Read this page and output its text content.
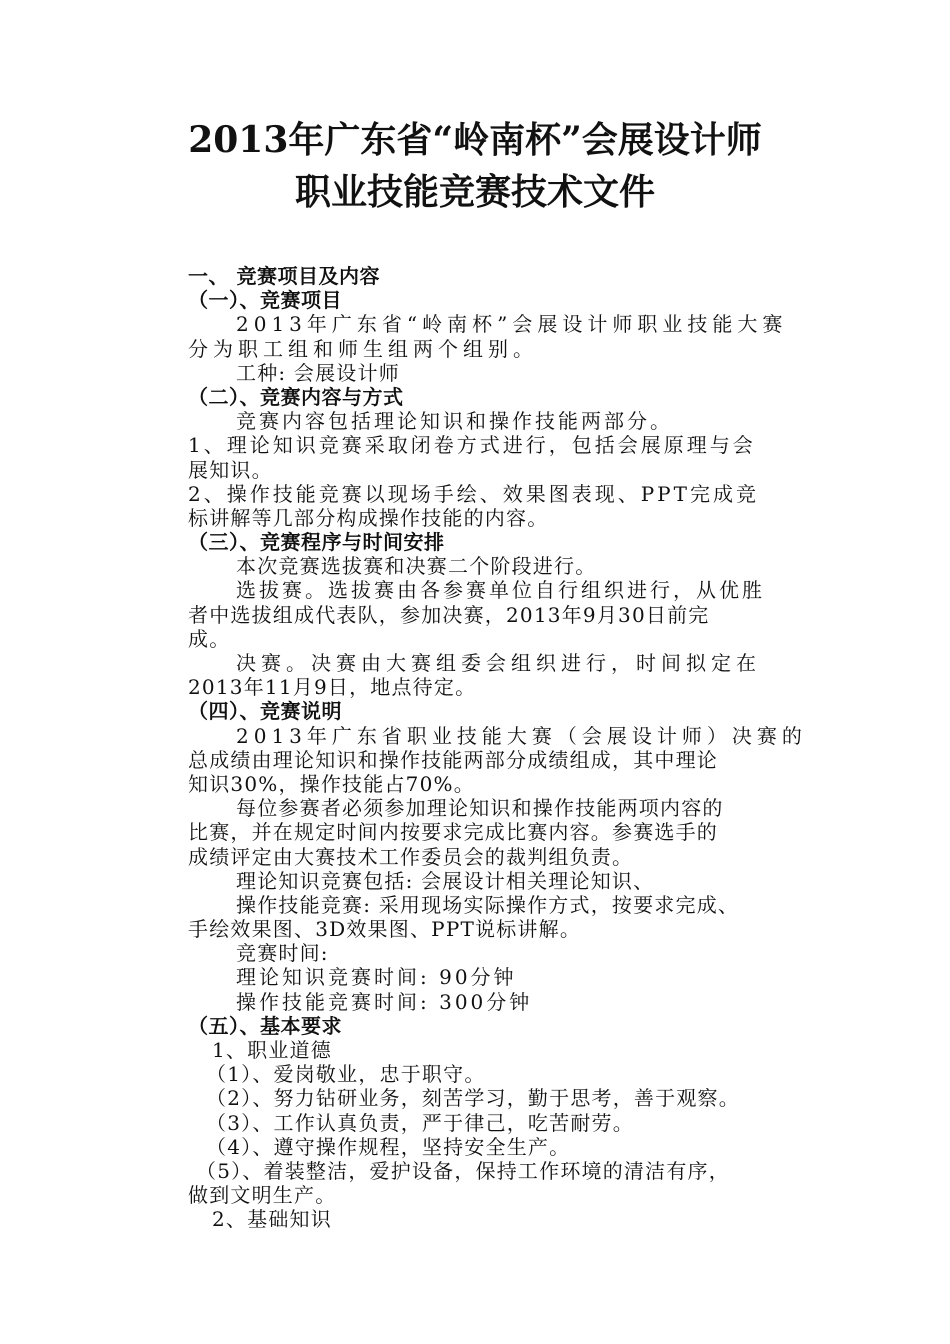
2013年广东省“岭南杯”会展设计师
职业技能竞赛技术文件
一、 竞赛项目及内容
（一）、竞赛项目
2013年广东省“岭南杯”会展设计师职业技能大赛
分为职工组和师生组两个组别。
工种: 会展设计师
（二）、竞赛内容与方式
竞赛内容包括理论知识和操作技能两部分。
1、理论知识竞赛采取闭卷方式进行，包括会展原理与会
展知识。
2、操作技能竞赛以现场手绘、效果图表现、PPT完成竞
标讲解等几部分构成操作技能的内容。
（三）、竞赛程序与时间安排
本次竞赛选拔赛和决赛二个阶段进行。
选拔赛。选拔赛由各参赛单位自行组织进行，从优胜
者中选拔组成代表队，参加决赛，2013年9月30日前完
成。
决赛。决赛由大赛组委会组织进行，时间拟定在
2013年11月9日，地点待定。
（四）、竞赛说明
2013年广东省职业技能大赛（会展设计师）决赛的
总成绩由理论知识和操作技能两部分成绩组成，其中理论
知识30%，操作技能占70%。
每位参赛者必须参加理论知识和操作技能两项内容的
比赛，并在规定时间内按要求完成比赛内容。参赛选手的
成绩评定由大赛技术工作委员会的裁判组负责。
理论知识竞赛包括: 会展设计相关理论知识、
操作技能竞赛: 采用现场实际操作方式，按要求完成、
手绘效果图、3D效果图、PPT说标讲解。
竞赛时间:
理论知识竞赛时间: 90分钟
操作技能竞赛时间: 300分钟
（五）、基本要求
1、职业道德
（1）、爱岗敬业，忠于职守。
（2）、努力钻研业务，刻苦学习，勤于思考，善于观察。
（3）、工作认真负责，严于律己，吃苦耐劳。
（4）、遵守操作规程，坚持安全生产。
（5）、着装整洁，爱护设备，保持工作环境的清洁有序，
做到文明生产。
2、基础知识
